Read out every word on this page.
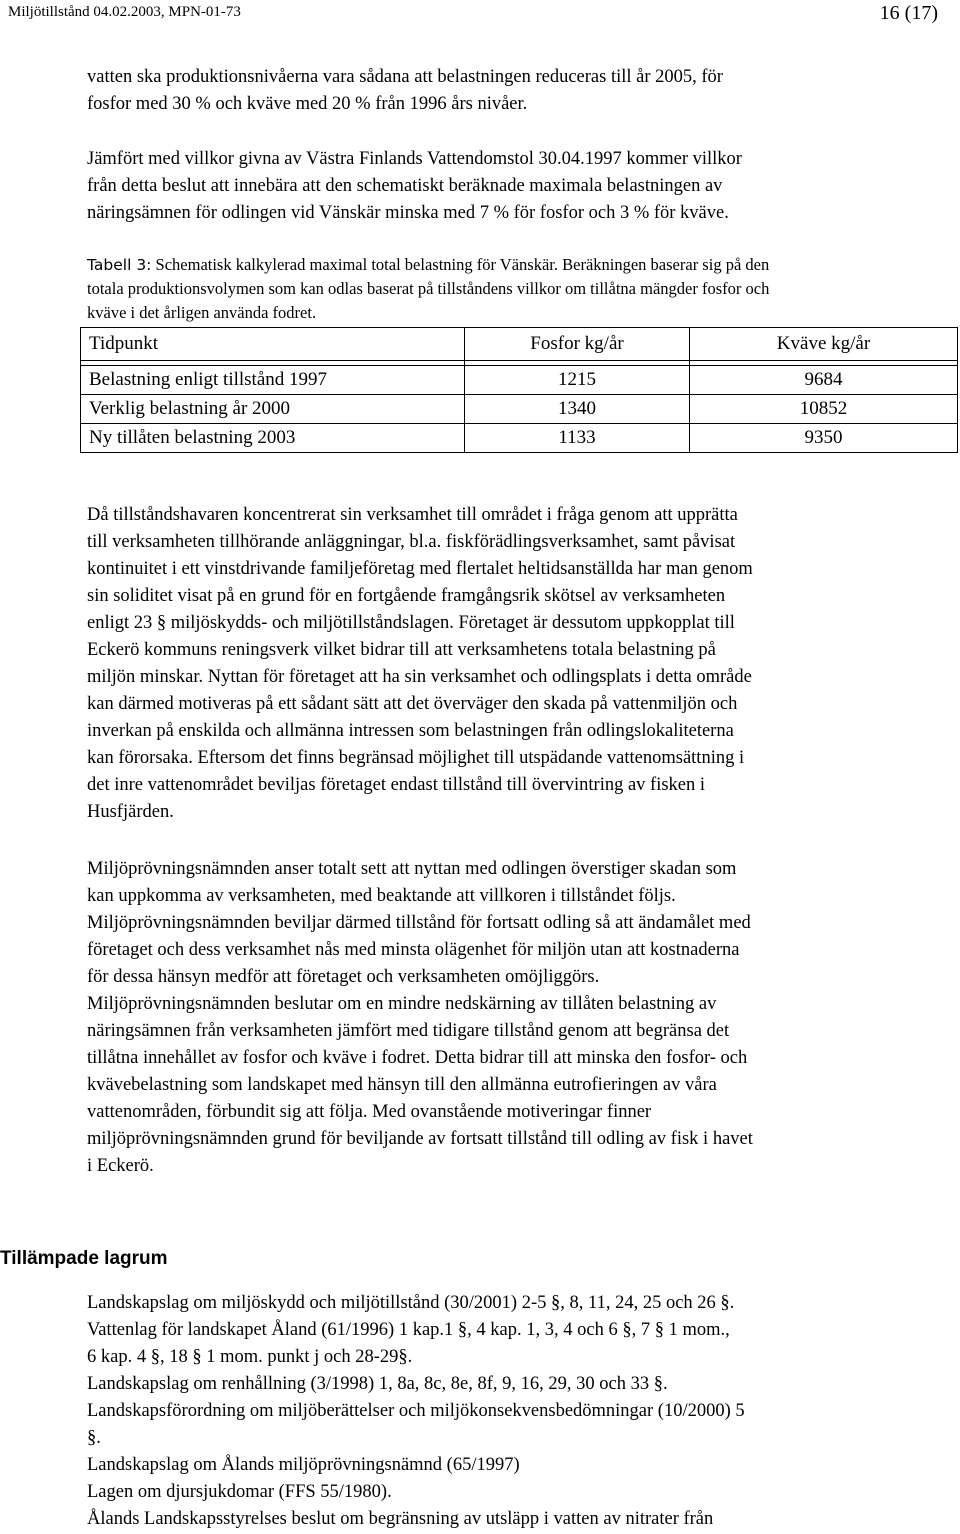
Miljötillstånd 04.02.2003, MPN-01-73	16 (17)

vatten ska produktionsnivåerna vara sådana att belastningen reduceras till år 2005, för

fosfor med 30 % och kväve med 20 % från 1996 års nivåer.

Jämfört med villkor givna av Västra Finlands Vattendomstol 30.04.1997 kommer villkor

från detta beslut att innebära att den schematiskt beräknade maximala belastningen av

näringsämnen för odlingen vid Vänskär minska med 7 % för fosfor och 3 % för kväve.

Tabell 3: Schematisk kalkylerad maximal total belastning för Vänskär. Beräkningen baserar sig på den
totala produktionsvolymen som kan odlas baserat på tillståndens villkor om tillåtna mängder fosfor och
kväve i det årligen använda fodret.
Tidpunkt	Fosfor kg/år	Kväve kg/år

Belastning enligt tillstånd 1997	1215	9684
Verklig belastning år 2000	1340	10852
Ny tillåten belastning 2003	1133	9350

Då tillståndshavaren koncentrerat sin verksamhet till området i fråga genom att upprätta

till verksamheten tillhörande anläggningar, bl.a. fiskförädlingsverksamhet, samt påvisat

kontinuitet i ett vinstdrivande familjeföretag med flertalet heltidsanställda har man genom

sin soliditet visat på en grund för en fortgående framgångsrik skötsel av verksamheten

enligt 23 § miljöskydds- och miljötillståndslagen. Företaget är dessutom uppkopplat till

Eckerö kommuns reningsverk vilket bidrar till att verksamhetens totala belastning på

miljön minskar. Nyttan för företaget att ha sin verksamhet och odlingsplats i detta område

kan därmed motiveras på ett sådant sätt att det överväger den skada på vattenmiljön och

inverkan på enskilda och allmänna intressen som belastningen från odlingslokaliteterna

kan förorsaka. Eftersom det finns begränsad möjlighet till utspädande vattenomsättning i

det inre vattenområdet beviljas företaget endast tillstånd till övervintring av fisken i

Husfjärden.

Miljöprövningsnämnden anser totalt sett att nyttan med odlingen överstiger skadan som

kan uppkomma av verksamheten, med beaktande att villkoren i tillståndet följs.

Miljöprövningsnämnden beviljar därmed tillstånd för fortsatt odling så att ändamålet med

företaget och dess verksamhet nås med minsta olägenhet för miljön utan att kostnaderna

för dessa hänsyn medför att företaget och verksamheten omöjliggörs.

Miljöprövningsnämnden beslutar om en mindre nedskärning av tillåten belastning av

näringsämnen från verksamheten jämfört med tidigare tillstånd genom att begränsa det

tillåtna innehållet av fosfor och kväve i fodret. Detta bidrar till att minska den fosfor- och

kvävebelastning som landskapet med hänsyn till den allmänna eutrofieringen av våra

vattenområden, förbundit sig att följa. Med ovanstående motiveringar finner

miljöprövningsnämnden grund för beviljande av fortsatt tillstånd till odling av fisk i havet

i Eckerö.

Tillämpade lagrum

Landskapslag om miljöskydd och miljötillstånd (30/2001) 2-5 §, 8, 11, 24, 25 och 26 §.

Vattenlag för landskapet Åland (61/1996) 1 kap.1 §, 4 kap. 1, 3, 4 och 6 §, 7 § 1 mom.,

6 kap. 4 §, 18 § 1 mom. punkt j och 28-29§.

Landskapslag om renhållning (3/1998) 1, 8a, 8c, 8e, 8f, 9, 16, 29, 30 och 33 §.

Landskapsförordning om miljöberättelser och miljökonsekvensbedömningar (10/2000) 5

§.

Landskapslag om Ålands miljöprövningsnämnd (65/1997)

Lagen om djursjukdomar (FFS 55/1980).

Ålands Landskapsstyrelses beslut om begränsning av utsläpp i vatten av nitrater från
